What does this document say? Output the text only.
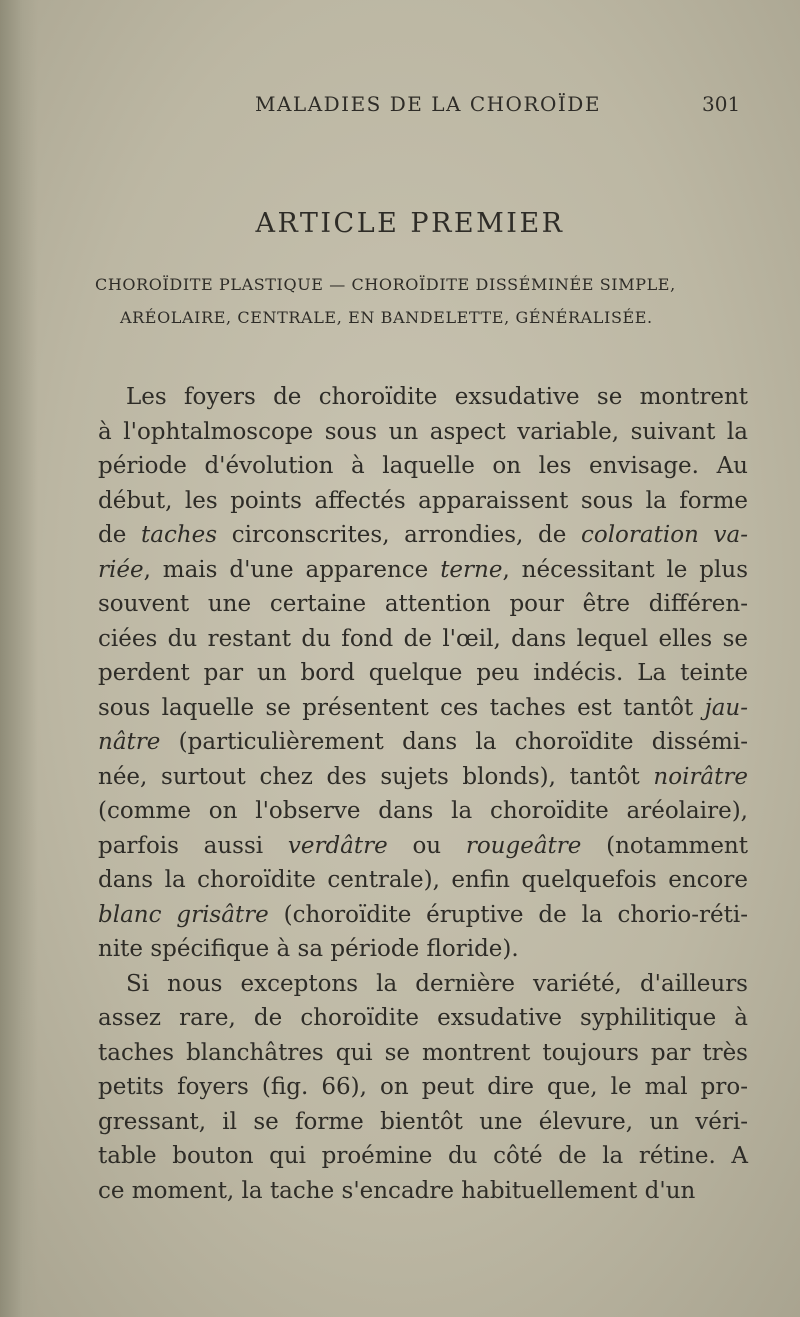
MALADIES DE LA CHOROÏDE	301
ARTICLE PREMIER
CHOROÏDITE PLASTIQUE — CHOROÏDITE DISSÉMINÉE SIMPLE,
ARÉOLAIRE, CENTRALE, EN BANDELETTE, GÉNÉRALISÉE.
Les foyers de choroïdite exsudative se montrent
à l'ophtalmoscope sous un aspect variable, suivant la
période d'évolution à laquelle on les envisage. Au
début, les points affectés apparaissent sous la forme
de taches circonscrites, arrondies, de coloration va-
riée, mais d'une apparence terne, nécessitant le plus
souvent une certaine attention pour être différen-
ciées du restant du fond de l'œil, dans lequel elles se
perdent par un bord quelque peu indécis. La teinte
sous laquelle se présentent ces taches est tantôt jau-
nâtre (particulièrement dans la choroïdite dissémi-
née, surtout chez des sujets blonds), tantôt noirâtre
(comme on l'observe dans la choroïdite aréolaire),
parfois aussi verdâtre ou rougeâtre (notamment
dans la choroïdite centrale), enfin quelquefois encore
blanc grisâtre (choroïdite éruptive de la chorio-réti-
nite spécifique à sa période floride).
Si nous exceptons la dernière variété, d'ailleurs
assez rare, de choroïdite exsudative syphilitique à
taches blanchâtres qui se montrent toujours par très
petits foyers (fig. 66), on peut dire que, le mal pro-
gressant, il se forme bientôt une élevure, un véri-
table bouton qui proémine du côté de la rétine. A
ce moment, la tache s'encadre habituellement d'un
